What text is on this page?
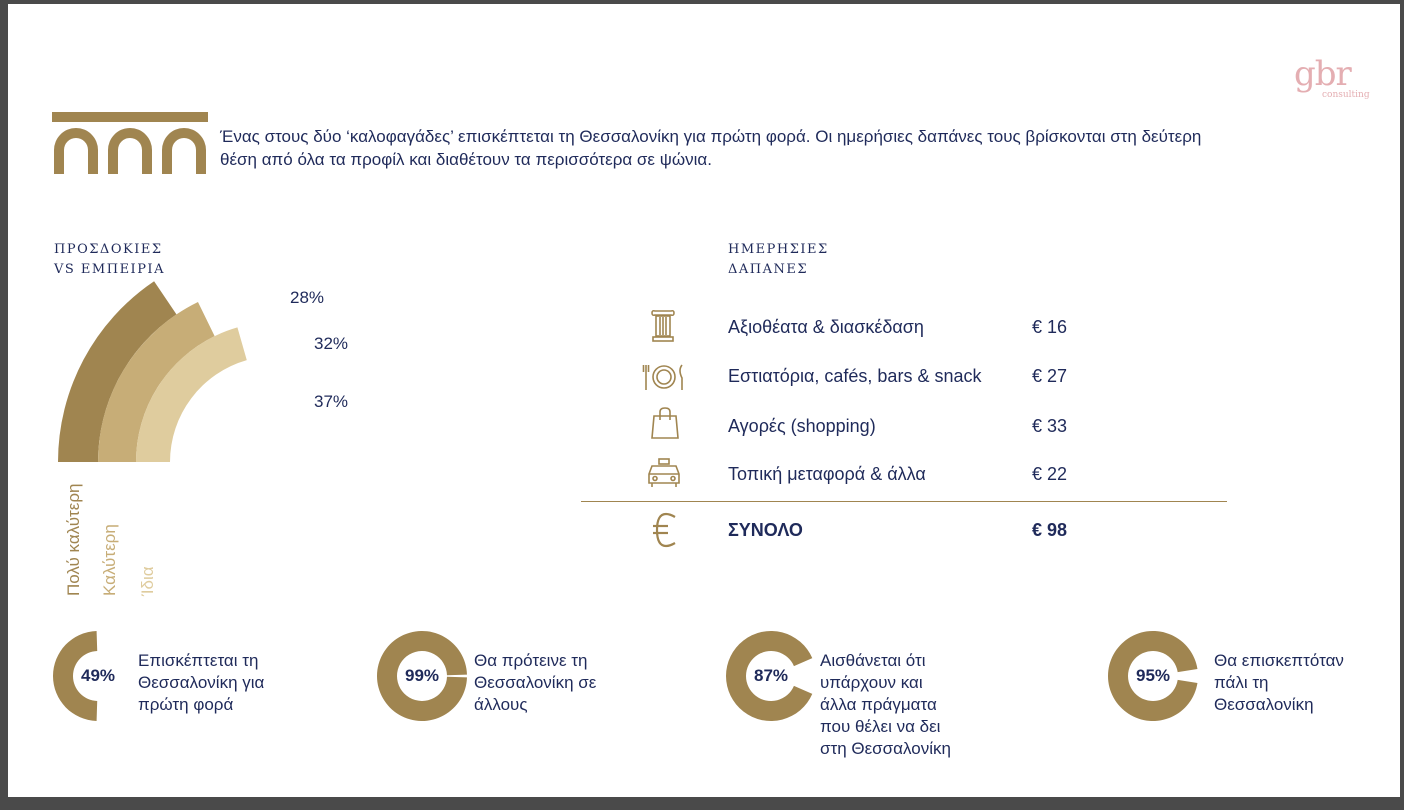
gbr
consulting
Ένας στους δύο ‘καλοφαγάδες’ επισκέπτεται τη Θεσσαλονίκη για πρώτη φορά. Οι ημερήσιες δαπάνες τους βρίσκονται στη δεύτερη θέση από όλα τα προφίλ και διαθέτουν τα περισσότερα σε ψώνια.
ΠΡΟΣΔΟΚΙΕΣ
VS ΕΜΠΕΙΡΙΑ
28%
Πολύ καλύτερη
32%
Καλύτερη
37%
Ίδια
ΗΜΕΡΗΣΙΕΣ
ΔΑΠΑΝΕΣ
Αξιοθέατα & διασκέδαση	€ 16
Εστιατόρια, cafés, bars & snack	€ 27
Αγορές (shopping)	€ 33
Τοπική μεταφορά & άλλα	€ 22
ΣΥΝΟΛΟ	€ 98
49%
Επισκέπτεται τη
Θεσσαλονίκη για
πρώτη φορά
99%
Θα πρότεινε τη
Θεσσαλονίκη σε
άλλους
87%
Αισθάνεται ότι
υπάρχουν και
άλλα πράγματα
που θέλει να δει
στη Θεσσαλονίκη
95%
Θα επισκεπτόταν
πάλι τη
Θεσσαλονίκη
